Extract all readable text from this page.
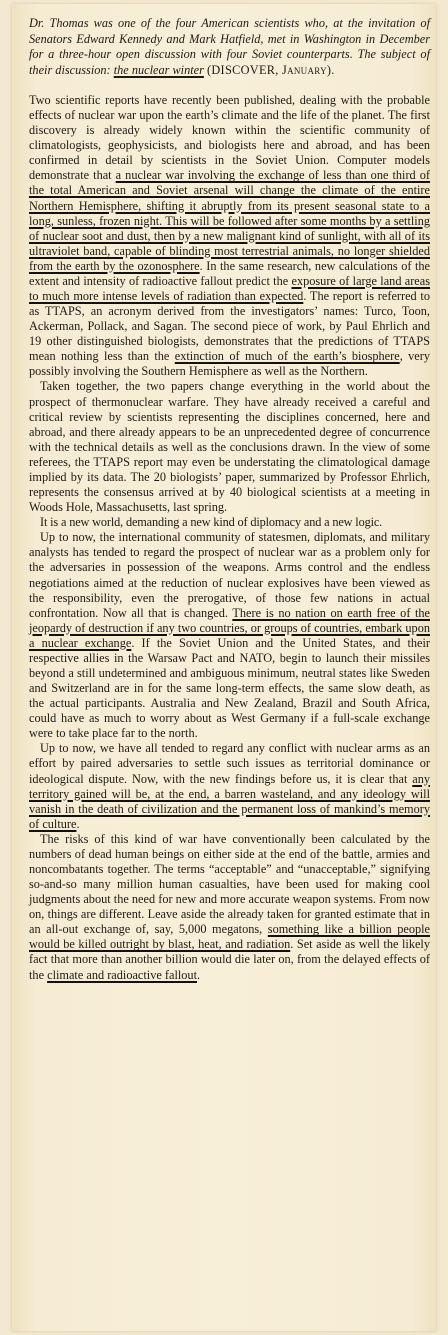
Dr. Thomas was one of the four American scientists who, at the invitation of Senators Edward Kennedy and Mark Hatfield, met in Washington in December for a three-hour open discussion with four Soviet counterparts. The subject of their discussion: the nuclear winter (DISCOVER, January).

Two scientific reports have recently been published, dealing with the probable effects of nuclear war upon the earth’s climate and the life of the planet. The first discovery is already widely known within the scientific community of climatologists, geophysicists, and biologists here and abroad, and has been confirmed in detail by scientists in the Soviet Union. Computer models demonstrate that a nuclear war involving the exchange of less than one third of the total American and Soviet arsenal will change the climate of the entire Northern Hemisphere, shifting it abruptly from its present seasonal state to a long, sunless, frozen night. This will be followed after some months by a settling of nuclear soot and dust, then by a new malignant kind of sunlight, with all of its ultraviolet band, capable of blinding most terrestrial animals, no longer shielded from the earth by the ozonosphere. In the same research, new calculations of the extent and intensity of radioactive fallout predict the exposure of large land areas to much more intense levels of radiation than expected. The report is referred to as TTAPS, an acronym derived from the investigators’ names: Turco, Toon, Ackerman, Pollack, and Sagan. The second piece of work, by Paul Ehrlich and 19 other distinguished biologists, demonstrates that the predictions of TTAPS mean nothing less than the extinction of much of the earth’s biosphere, very possibly involving the Southern Hemisphere as well as the Northern.

Taken together, the two papers change everything in the world about the prospect of thermonuclear warfare. They have already received a careful and critical review by scientists representing the disciplines concerned, here and abroad, and there already appears to be an unprecedented degree of concurrence with the technical details as well as the conclusions drawn. In the view of some referees, the TTAPS report may even be understating the climatological damage implied by its data. The 20 biologists’ paper, summarized by Professor Ehrlich, represents the consensus arrived at by 40 biological scientists at a meeting in Woods Hole, Massachusetts, last spring.

It is a new world, demanding a new kind of diplomacy and a new logic.

Up to now, the international community of statesmen, diplomats, and military analysts has tended to regard the prospect of nuclear war as a problem only for the adversaries in possession of the weapons. Arms control and the endless negotiations aimed at the reduction of nuclear explosives have been viewed as the responsibility, even the prerogative, of those few nations in actual confrontation. Now all that is changed. There is no nation on earth free of the jeopardy of destruction if any two countries, or groups of countries, embark upon a nuclear exchange. If the Soviet Union and the United States, and their respective allies in the Warsaw Pact and NATO, begin to launch their missiles beyond a still undetermined and ambiguous minimum, neutral states like Sweden and Switzerland are in for the same long-term effects, the same slow death, as the actual participants. Australia and New Zealand, Brazil and South Africa, could have as much to worry about as West Germany if a full-scale exchange were to take place far to the north.

Up to now, we have all tended to regard any conflict with nuclear arms as an effort by paired adversaries to settle such issues as territorial dominance or ideological dispute. Now, with the new findings before us, it is clear that any territory gained will be, at the end, a barren wasteland, and any ideology will vanish in the death of civilization and the permanent loss of mankind’s memory of culture.

The risks of this kind of war have conventionally been calculated by the numbers of dead human beings on either side at the end of the battle, armies and noncombatants together. The terms “acceptable” and “unacceptable,” signifying so-and-so many million human casualties, have been used for making cool judgments about the need for new and more accurate weapon systems. From now on, things are different. Leave aside the already taken for granted estimate that in an all-out exchange of, say, 5,000 megatons, something like a billion people would be killed outright by blast, heat, and radiation. Set aside as well the likely fact that more than another billion would die later on, from the delayed effects of the climate and radioactive fallout.
